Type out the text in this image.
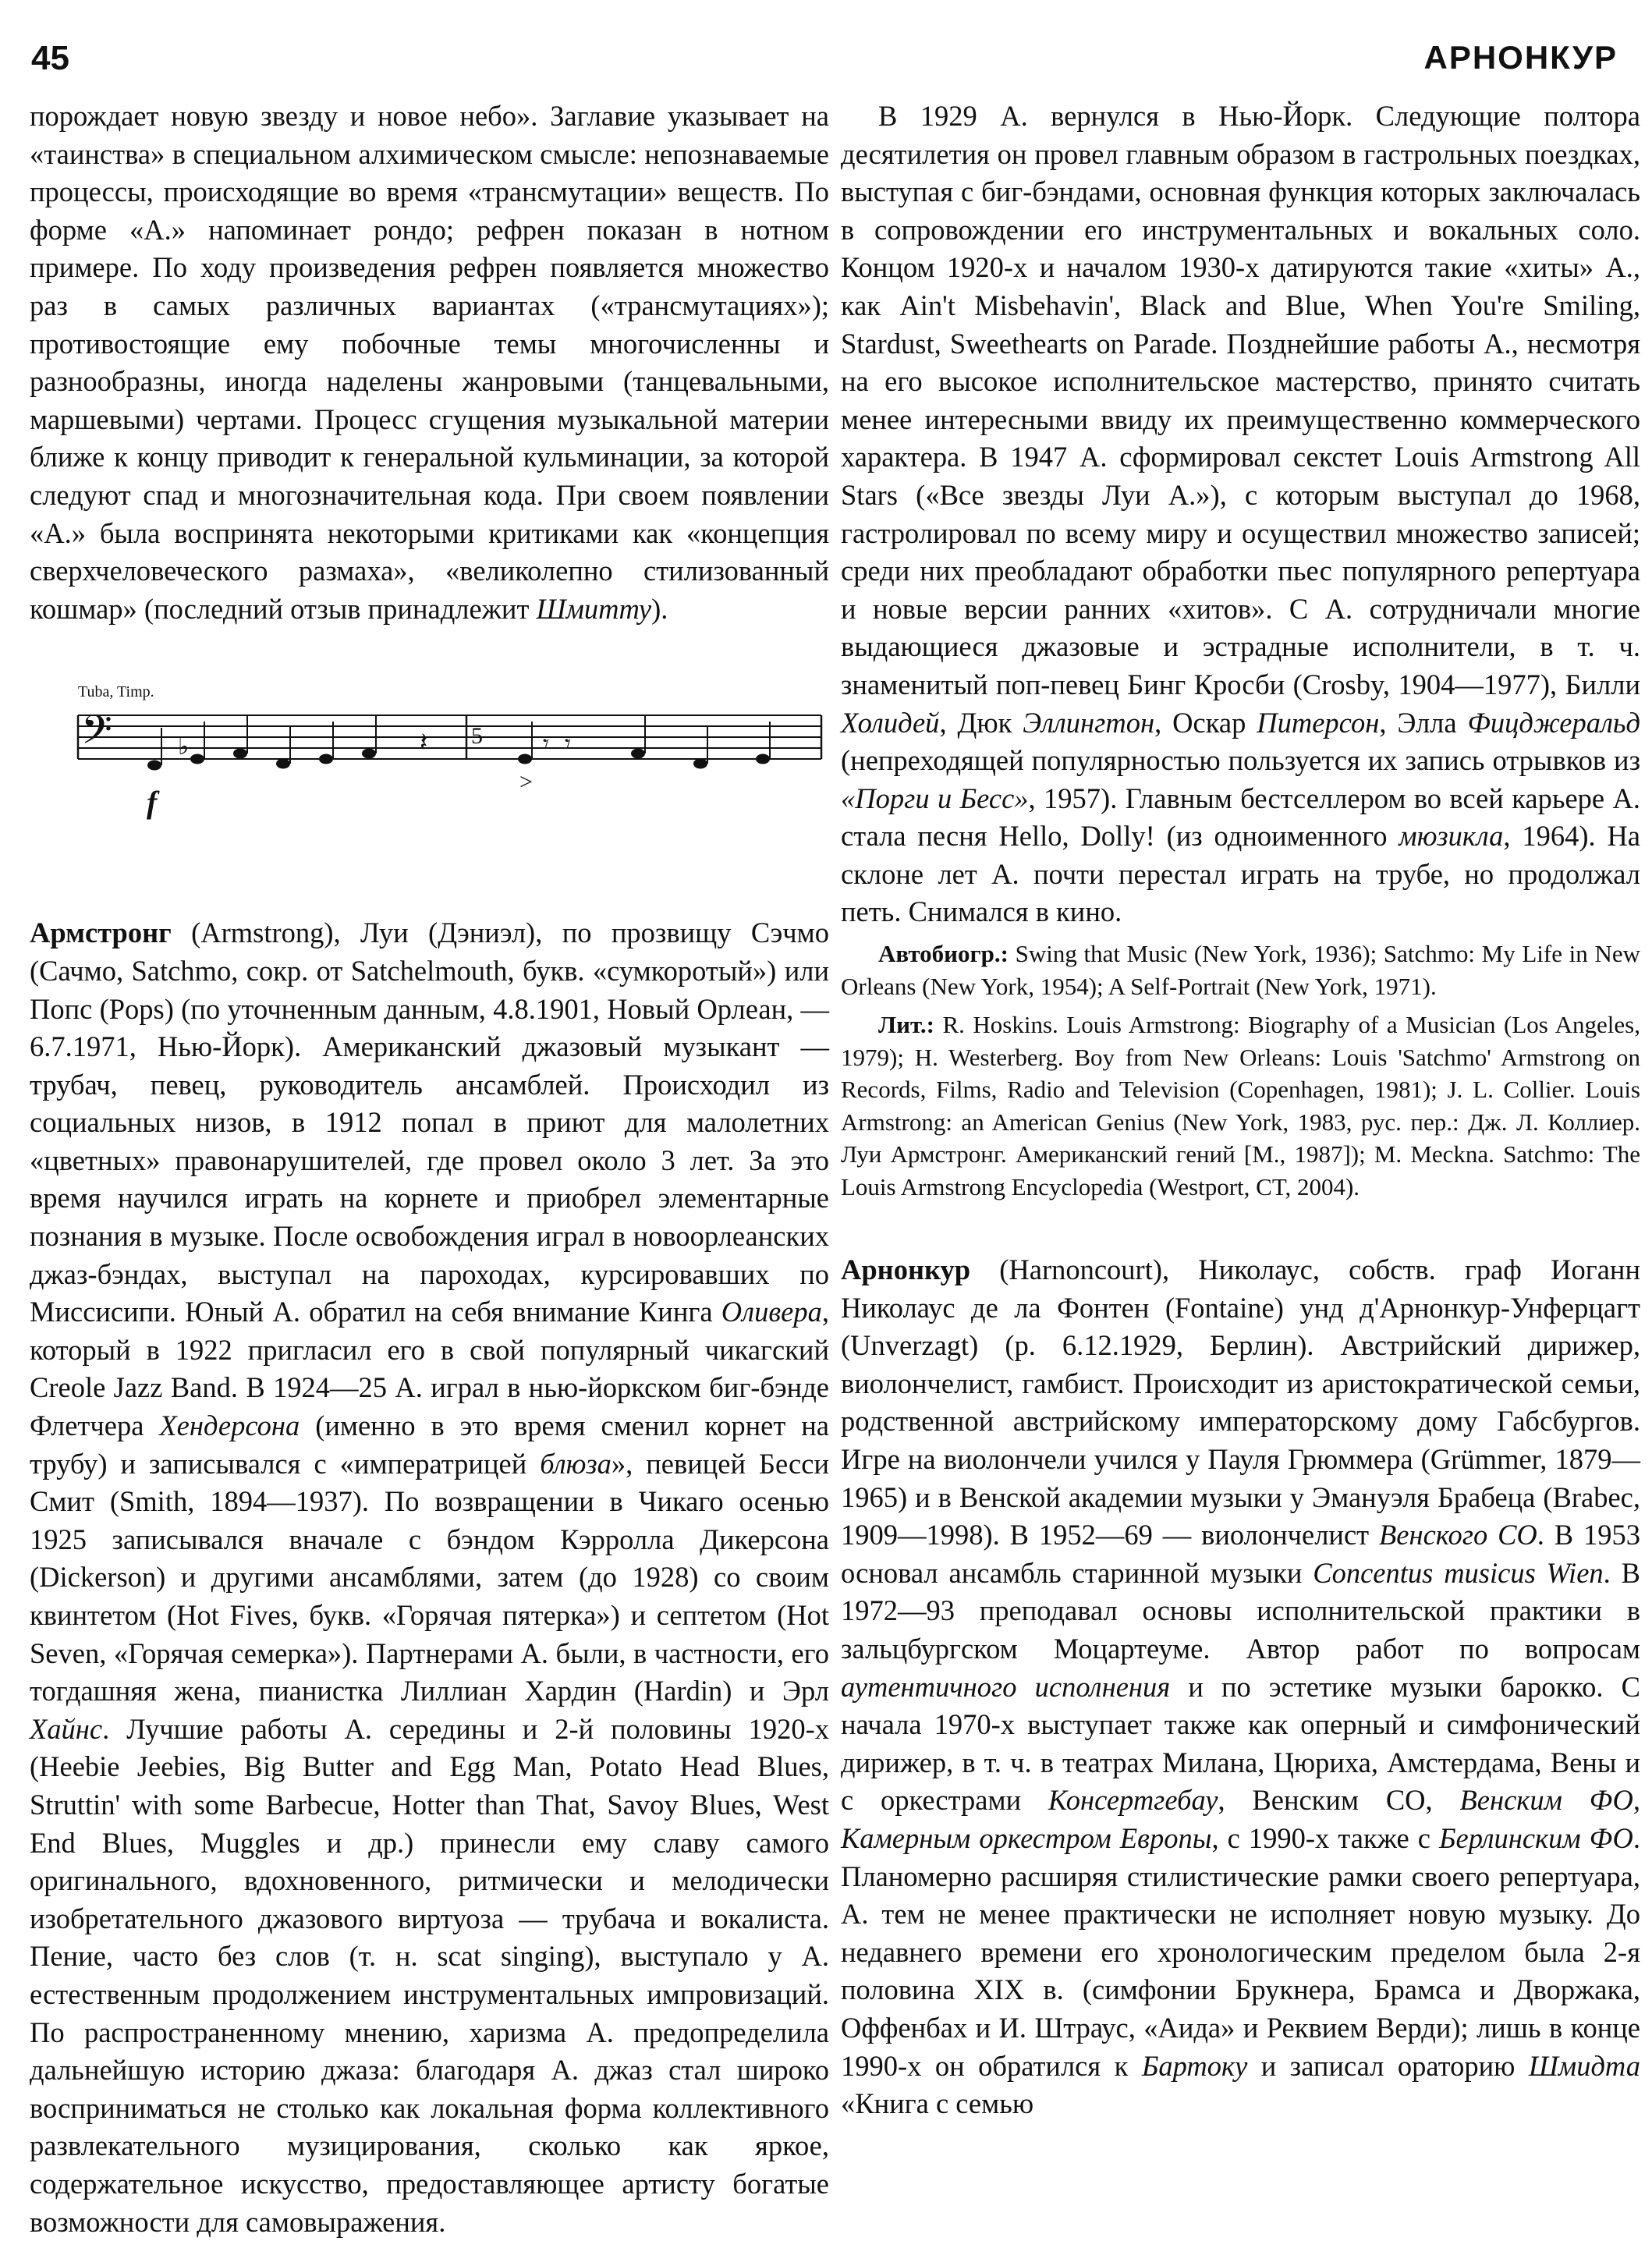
45	АРНОНКУР

порождает новую звезду и новое небо». Заглавие указывает на «таинства» в специальном алхимическом смысле: непознаваемые процессы, происходящие во время «трансмутации» веществ. По форме «А.» напоминает рондо; рефрен показан в нотном примере. По ходу произведения рефрен появляется множество раз в самых различных вариантах («трансмутациях»); противостоящие ему побочные темы многочисленны и разнообразны, иногда наделены жанровыми (танцевальными, маршевыми) чертами. Процесс сгущения музыкальной материи ближе к концу приводит к генеральной кульминации, за которой следуют спад и многозначительная кода. При своем появлении «А.» была воспринята некоторыми критиками как «концепция сверхчеловеческого размаха», «великолепно стилизованный кошмар» (последний отзыв принадлежит Шмитту).

𝄢	♭	𝄽	𝄾 𝄾
f
5
>
Tuba, Timp.

Армстронг (Armstrong), Луи (Дэниэл), по прозвищу Сэчмо (Сачмо, Satchmo, сокр. от Satchelmouth, букв. «сумкоротый») или Попс (Pops) (по уточненным данным, 4.8.1901, Новый Орлеан, — 6.7.1971, Нью-Йорк). Американский джазовый музыкант — трубач, певец, руководитель ансамблей. Происходил из социальных низов, в 1912 попал в приют для малолетних «цветных» правонарушителей, где провел около 3 лет. За это время научился играть на корнете и приобрел элементарные познания в музыке. После освобождения играл в новоорлеанских джаз-бэндах, выступал на пароходах, курсировавших по Миссисипи. Юный А. обратил на себя внимание Кинга Оливера, который в 1922 пригласил его в свой популярный чикагский Creole Jazz Band. В 1924—25 А. играл в нью-йоркском биг-бэнде Флетчера Хендерсона (именно в это время сменил корнет на трубу) и записывался с «императрицей блюза», певицей Бесси Смит (Smith, 1894—1937). По возвращении в Чикаго осенью 1925 записывался вначале с бэндом Кэрролла Дикерсона (Dickerson) и другими ансамблями, затем (до 1928) со своим квинтетом (Hot Fives, букв. «Горячая пятерка») и септетом (Hot Seven, «Горячая семерка»). Партнерами А. были, в частности, его тогдашняя жена, пианистка Лиллиан Хардин (Hardin) и Эрл Хайнс. Лучшие работы А. середины и 2-й половины 1920-х (Heebie Jeebies, Big Butter and Egg Man, Potato Head Blues, Struttin' with some Barbecue, Hotter than That, Savoy Blues, West End Blues, Muggles и др.) принесли ему славу самого оригинального, вдохновенного, ритмически и мелодически изобретательного джазового виртуоза — трубача и вокалиста. Пение, часто без слов (т. н. scat singing), выступало у А. естественным продолжением инструментальных импровизаций. По распространенному мнению, харизма А. предопределила дальнейшую историю джаза: благодаря А. джаз стал широко восприниматься не столько как локальная форма коллективного развлекательного музицирования, сколько как яркое, содержательное искусство, предоставляющее артисту богатые возможности для самовыражения.

В 1929 А. вернулся в Нью-Йорк. Следующие полтора десятилетия он провел главным образом в гастрольных поездках, выступая с биг-бэндами, основная функция которых заключалась в сопровождении его инструментальных и вокальных соло. Концом 1920-х и началом 1930-х датируются такие «хиты» А., как Ain't Misbehavin', Black and Blue, When You're Smiling, Stardust, Sweethearts on Parade. Позднейшие работы А., несмотря на его высокое исполнительское мастерство, принято считать менее интересными ввиду их преимущественно коммерческого характера. В 1947 А. сформировал секстет Louis Armstrong All Stars («Все звезды Луи А.»), с которым выступал до 1968, гастролировал по всему миру и осуществил множество записей; среди них преобладают обработки пьес популярного репертуара и новые версии ранних «хитов». С А. сотрудничали многие выдающиеся джазовые и эстрадные исполнители, в т. ч. знаменитый поп-певец Бинг Кросби (Crosby, 1904—1977), Билли Холидей, Дюк Эллингтон, Оскар Питерсон, Элла Фицджеральд (непреходящей популярностью пользуется их запись отрывков из «Порги и Бесс», 1957). Главным бестселлером во всей карьере А. стала песня Hello, Dolly! (из одноименного мюзикла, 1964). На склоне лет А. почти перестал играть на трубе, но продолжал петь. Снимался в кино.

Автобиогр.: Swing that Music (New York, 1936); Satchmo: My Life in New Orleans (New York, 1954); A Self-Portrait (New York, 1971).

Лит.: R. Hoskins. Louis Armstrong: Biography of a Musician (Los Angeles, 1979); H. Westerberg. Boy from New Orleans: Louis 'Satchmo' Armstrong on Records, Films, Radio and Television (Copenhagen, 1981); J. L. Collier. Louis Armstrong: an American Genius (New York, 1983, рус. пер.: Дж. Л. Коллиер. Луи Армстронг. Американский гений [М., 1987]); M. Meckna. Satchmo: The Louis Armstrong Encyclopedia (Westport, CT, 2004).

Арнонкур (Harnoncourt), Николаус, собств. граф Иоганн Николаус де ла Фонтен (Fontaine) унд д'Арнонкур-Унферцагт (Unverzagt) (р. 6.12.1929, Берлин). Австрийский дирижер, виолончелист, гамбист. Происходит из аристократической семьи, родственной австрийскому императорскому дому Габсбургов. Игре на виолончели учился у Пауля Грюммера (Grümmer, 1879—1965) и в Венской академии музыки у Эмануэля Брабеца (Brabec, 1909—1998). В 1952—69 — виолончелист Венского СО. В 1953 основал ансамбль старинной музыки Concentus musicus Wien. В 1972—93 преподавал основы исполнительской практики в зальцбургском Моцартеуме. Автор работ по вопросам аутентичного исполнения и по эстетике музыки барокко. С начала 1970-х выступает также как оперный и симфонический дирижер, в т. ч. в театрах Милана, Цюриха, Амстердама, Вены и с оркестрами Консертгебау, Венским СО, Венским ФО, Камерным оркестром Европы, с 1990-х также с Берлинским ФО. Планомерно расширяя стилистические рамки своего репертуара, А. тем не менее практически не исполняет новую музыку. До недавнего времени его хронологическим пределом была 2-я половина XIX в. (симфонии Брукнера, Брамса и Дворжака, Оффенбах и И. Штраус, «Аида» и Реквием Верди); лишь в конце 1990-х он обратился к Бартоку и записал ораторию Шмидта «Книга с семью
